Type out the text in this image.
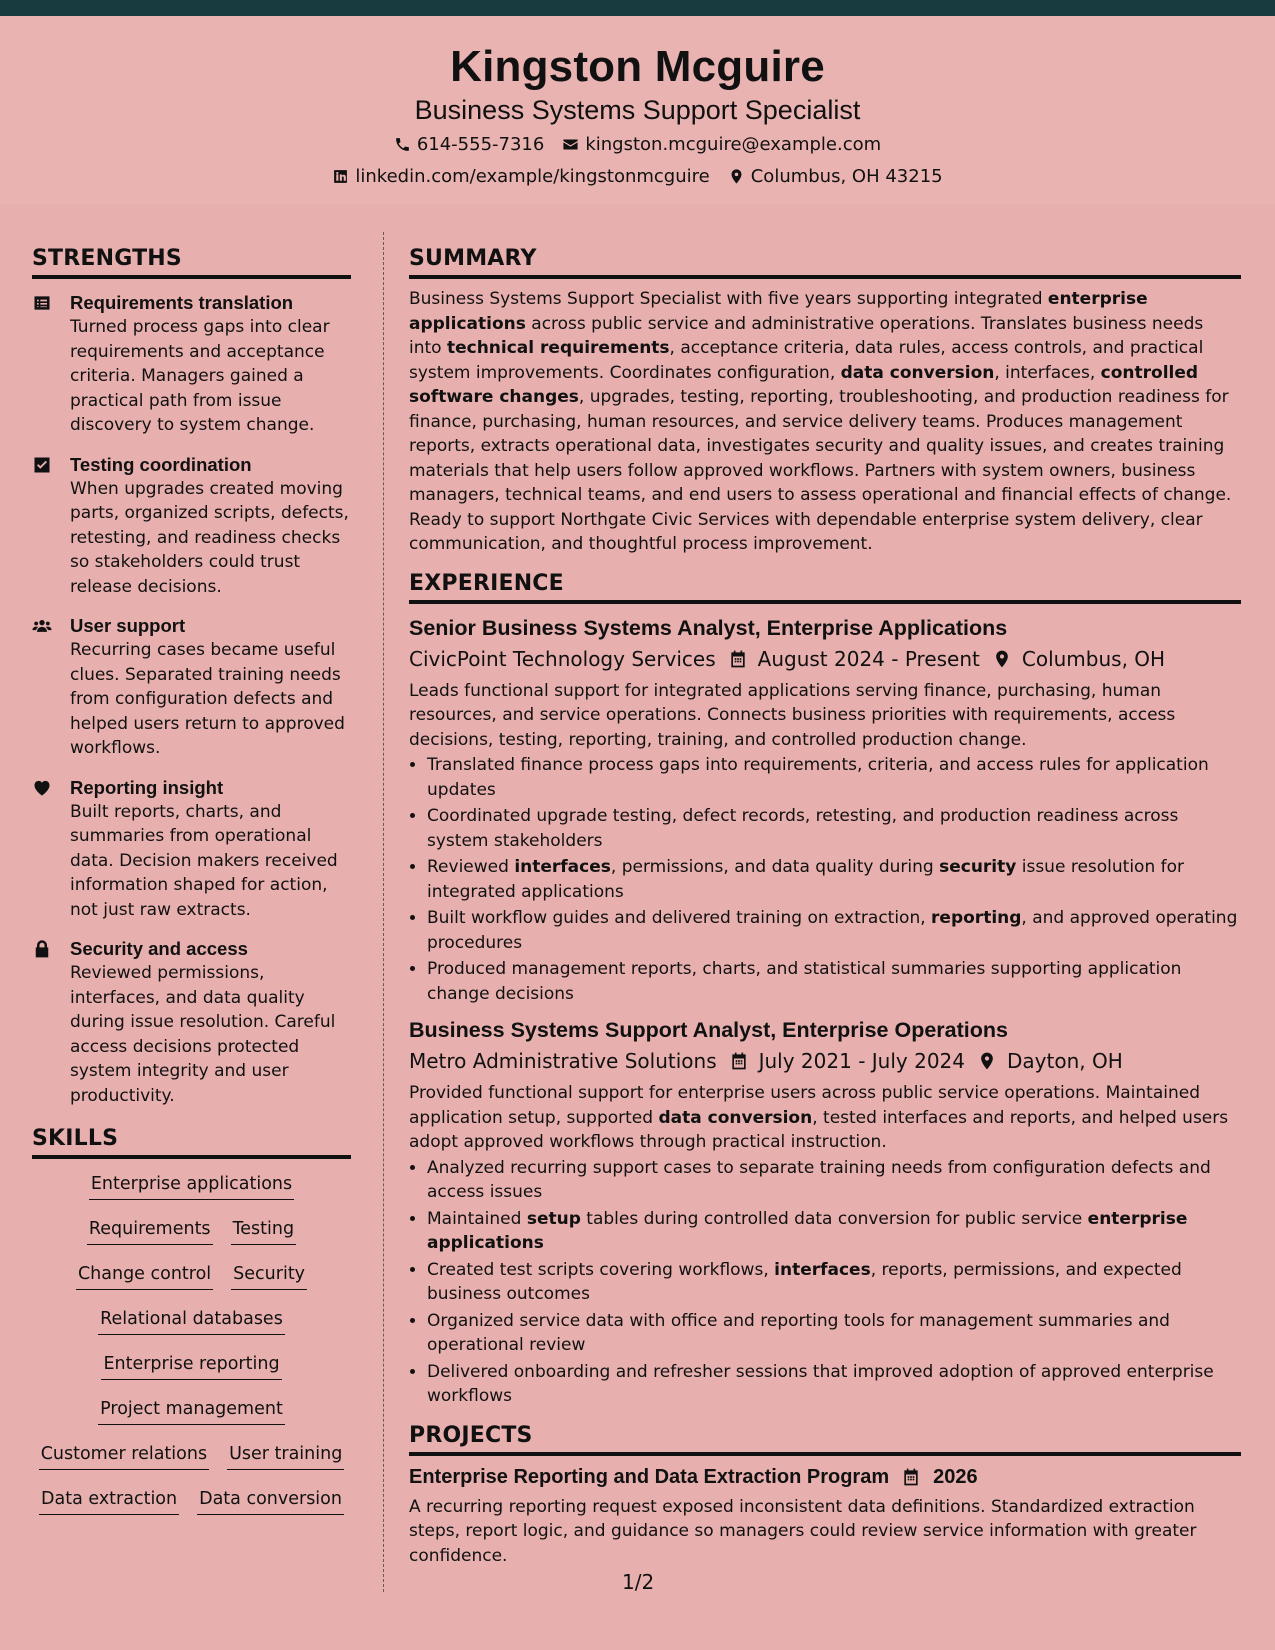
Kingston Mcguire
Business Systems Support Specialist
614-555-7316 kingston.mcguire@example.com
linkedin.com/example/kingstonmcguire Columbus, OH 43215
STRENGTHS
Requirements translation
Turned process gaps into clear requirements and acceptance criteria. Managers gained a practical path from issue discovery to system change.
Testing coordination
When upgrades created moving parts, organized scripts, defects, retesting, and readiness checks so stakeholders could trust release decisions.
User support
Recurring cases became useful clues. Separated training needs from configuration defects and helped users return to approved workflows.
Reporting insight
Built reports, charts, and summaries from operational data. Decision makers received information shaped for action, not just raw extracts.
Security and access
Reviewed permissions, interfaces, and data quality during issue resolution. Careful access decisions protected system integrity and user productivity.
SKILLS
Enterprise applications
Requirements Testing
Change control Security
Relational databases
Enterprise reporting
Project management
Customer relations User training
Data extraction Data conversion
SUMMARY

Business Systems Support Specialist with five years supporting integrated enterprise applications across public service and administrative operations. Translates business needs into technical requirements, acceptance criteria, data rules, access controls, and practical system improvements. Coordinates configuration, data conversion, interfaces, controlled software changes, upgrades, testing, reporting, troubleshooting, and production readiness for finance, purchasing, human resources, and service delivery teams. Produces management reports, extracts operational data, investigates security and quality issues, and creates training materials that help users follow approved workflows. Partners with system owners, business managers, technical teams, and end users to assess operational and financial effects of change. Ready to support Northgate Civic Services with dependable enterprise system delivery, clear communication, and thoughtful process improvement.

EXPERIENCE
Senior Business Systems Analyst, Enterprise Applications
CivicPoint Technology Services August 2024 - Present Columbus, OH

Leads functional support for integrated applications serving finance, purchasing, human resources, and service operations. Connects business priorities with requirements, access decisions, testing, reporting, training, and controlled production change.

• Translated finance process gaps into requirements, criteria, and access rules for application updates
• Coordinated upgrade testing, defect records, retesting, and production readiness across system stakeholders
• Reviewed interfaces, permissions, and data quality during security issue resolution for integrated applications
• Built workflow guides and delivered training on extraction, reporting, and approved operating procedures
• Produced management reports, charts, and statistical summaries supporting application change decisions
Business Systems Support Analyst, Enterprise Operations
Metro Administrative Solutions July 2021 - July 2024 Dayton, OH

Provided functional support for enterprise users across public service operations. Maintained application setup, supported data conversion, tested interfaces and reports, and helped users adopt approved workflows through practical instruction.

• Analyzed recurring support cases to separate training needs from configuration defects and access issues
• Maintained setup tables during controlled data conversion for public service enterprise applications
• Created test scripts covering workflows, interfaces, reports, permissions, and expected business outcomes
• Organized service data with office and reporting tools for management summaries and operational review
• Delivered onboarding and refresher sessions that improved adoption of approved enterprise workflows
PROJECTS
Enterprise Reporting and Data Extraction Program 2026

A recurring reporting request exposed inconsistent data definitions. Standardized extraction steps, report logic, and guidance so managers could review service information with greater confidence.

1/2
